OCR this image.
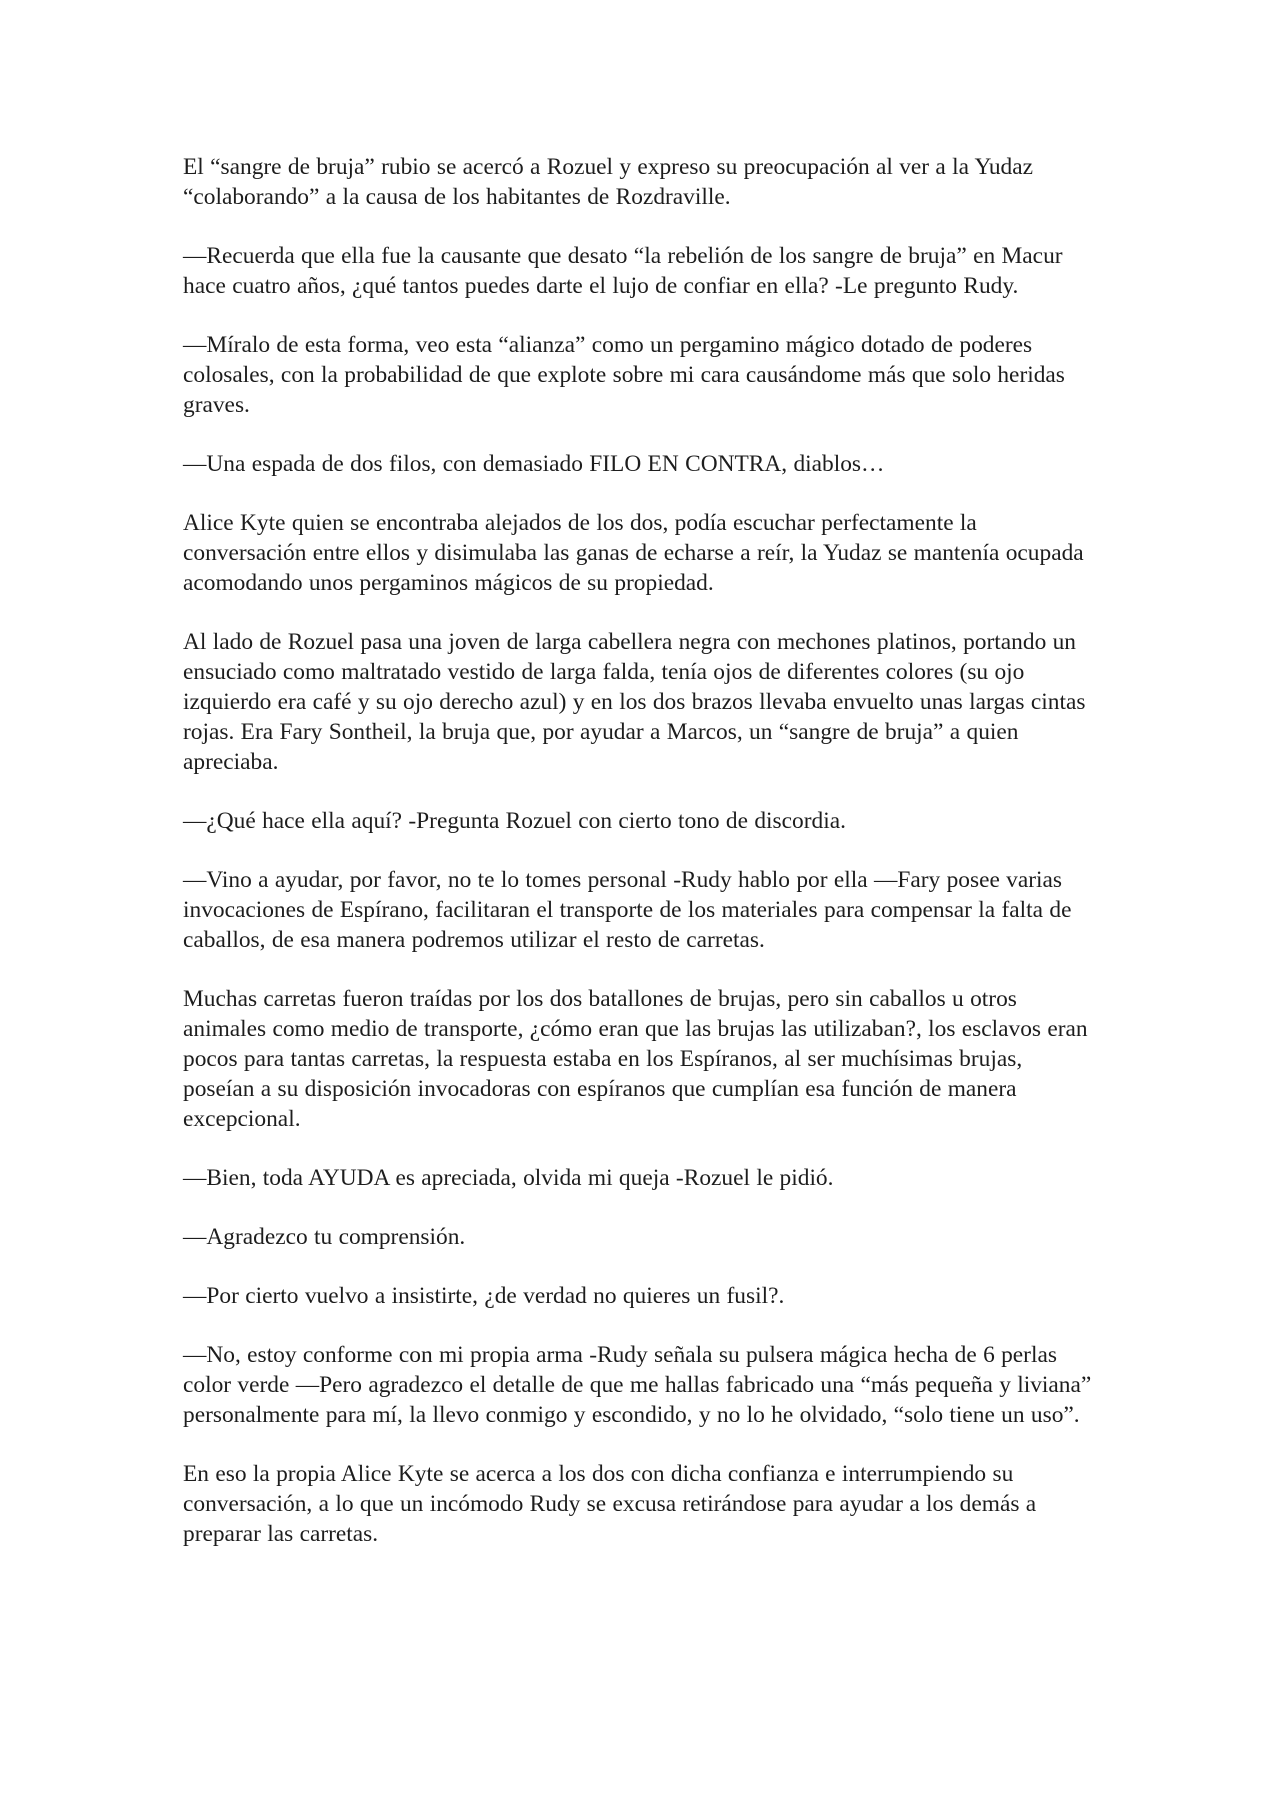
El “sangre de bruja” rubio se acercó a Rozuel y expreso su preocupación al ver a la Yudaz “colaborando” a la causa de los habitantes de Rozdraville.

—Recuerda que ella fue la causante que desato “la rebelión de los sangre de bruja” en Macur hace cuatro años, ¿qué tantos puedes darte el lujo de confiar en ella? -Le pregunto Rudy.

—Míralo de esta forma, veo esta “alianza” como un pergamino mágico dotado de poderes colosales, con la probabilidad de que explote sobre mi cara causándome más que solo heridas graves.

—Una espada de dos filos, con demasiado FILO EN CONTRA, diablos…

Alice Kyte quien se encontraba alejados de los dos, podía escuchar perfectamente la conversación entre ellos y disimulaba las ganas de echarse a reír, la Yudaz se mantenía ocupada acomodando unos pergaminos mágicos de su propiedad.

Al lado de Rozuel pasa una joven de larga cabellera negra con mechones platinos, portando un ensuciado como maltratado vestido de larga falda, tenía ojos de diferentes colores (su ojo izquierdo era café y su ojo derecho azul) y en los dos brazos llevaba envuelto unas largas cintas rojas. Era Fary Sontheil, la bruja que, por ayudar a Marcos, un “sangre de bruja” a quien apreciaba.

—¿Qué hace ella aquí? -Pregunta Rozuel con cierto tono de discordia.

—Vino a ayudar, por favor, no te lo tomes personal -Rudy hablo por ella —Fary posee varias invocaciones de Espírano, facilitaran el transporte de los materiales para compensar la falta de caballos, de esa manera podremos utilizar el resto de carretas.

Muchas carretas fueron traídas por los dos batallones de brujas, pero sin caballos u otros animales como medio de transporte, ¿cómo eran que las brujas las utilizaban?, los esclavos eran pocos para tantas carretas, la respuesta estaba en los Espíranos, al ser muchísimas brujas, poseían a su disposición invocadoras con espíranos que cumplían esa función de manera excepcional.

—Bien, toda AYUDA es apreciada, olvida mi queja -Rozuel le pidió.

—Agradezco tu comprensión.

—Por cierto vuelvo a insistirte, ¿de verdad no quieres un fusil?.

—No, estoy conforme con mi propia arma -Rudy señala su pulsera mágica hecha de 6 perlas color verde —Pero agradezco el detalle de que me hallas fabricado una “más pequeña y liviana” personalmente para mí, la llevo conmigo y escondido, y no lo he olvidado, “solo tiene un uso”.

En eso la propia Alice Kyte se acerca a los dos con dicha confianza e interrumpiendo su conversación, a lo que un incómodo Rudy se excusa retirándose para ayudar a los demás a preparar las carretas.
